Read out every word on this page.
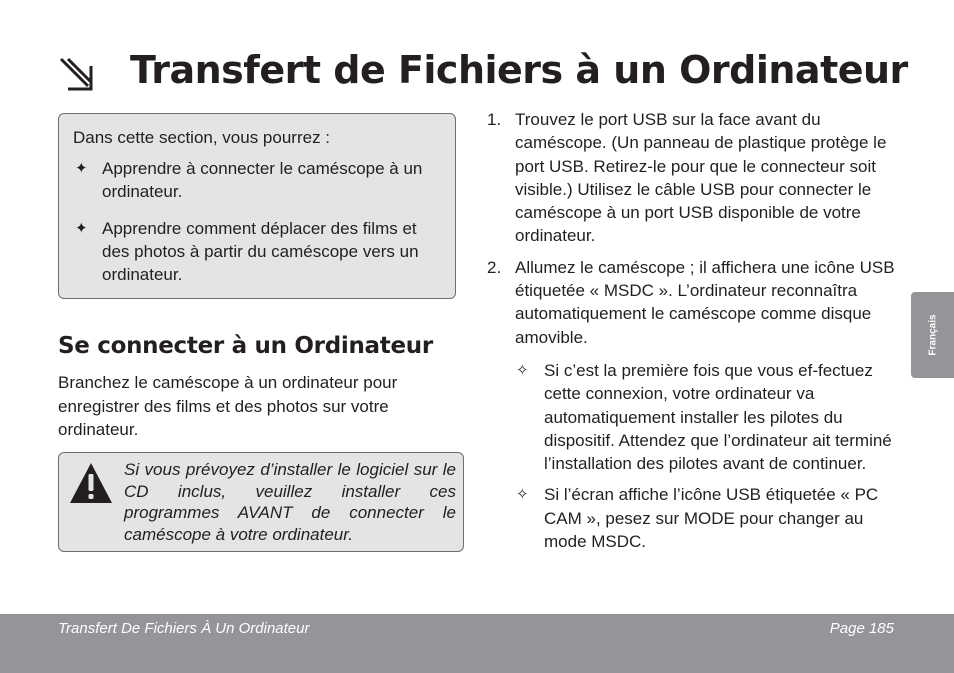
Transfert de Fichiers à un Ordinateur

Dans cette section, vous pourrez :

✦ Apprendre à connecter le caméscope à un ordinateur.
✦ Apprendre comment déplacer des films et des photos à partir du caméscope vers un ordinateur.
Se connecter à un Ordinateur

Branchez le caméscope à un ordinateur pour enregistrer des films et des photos sur votre ordinateur.

Si vous prévoyez d’installer le logiciel sur le CD inclus, veuillez installer ces programmes AVANT de connecter le caméscope à votre ordinateur.

1. Trouvez le port USB sur la face avant du caméscope. (Un panneau de plastique protège le port USB. Retirez-le pour que le connecteur soit visible.) Utilisez le câble USB pour connecter le caméscope à un port USB disponible de votre ordinateur.
2. Allumez le caméscope ; il affichera une icône USB étiquetée « MSDC ». L’ordinateur reconnaîtra automatiquement le caméscope comme disque amovible.
✧ Si c’est la première fois que vous ef-fectuez cette connexion, votre ordinateur va automatiquement installer les pilotes du dispositif. Attendez que l’ordinateur ait terminé l’installation des pilotes avant de continuer.
✧ Si l’écran affiche l’icône USB étiquetée « PC CAM », pesez sur MODE pour changer au mode MSDC.
Français
Transfert De Fichiers À Un Ordinateur	Page 185
